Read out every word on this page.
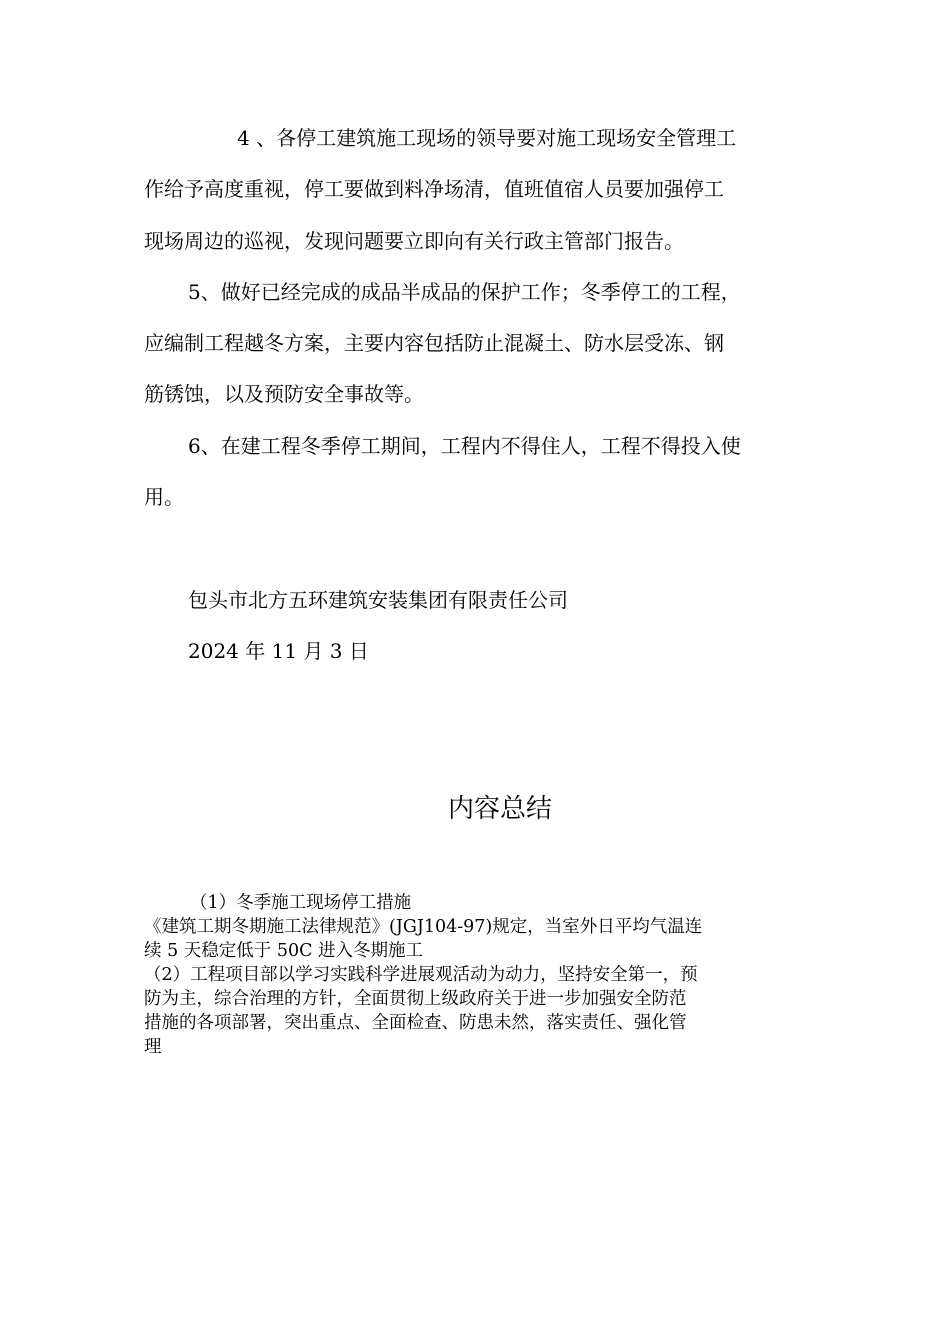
4 、各停工建筑施工现场的领导要对施工现场安全管理工
作给予高度重视，停工要做到料净场清，值班值宿人员要加强停工
现场周边的巡视，发现问题要立即向有关行政主管部门报告。
5、做好已经完成的成品半成品的保护工作；冬季停工的工程，
应编制工程越冬方案，主要内容包括防止混凝土、防水层受冻、钢
筋锈蚀，以及预防安全事故等。
6、在建工程冬季停工期间，工程内不得住人，工程不得投入使
用。
包头市北方五环建筑安装集团有限责任公司
2024 年 11 月 3 日
内容总结
（1）冬季施工现场停工措施
《建筑工期冬期施工法律规范》(JGJ104-97)规定，当室外日平均气温连
续 5 天稳定低于 50C 进入冬期施工
（2）工程项目部以学习实践科学进展观活动为动力，坚持安全第一，预
防为主，综合治理的方针，全面贯彻上级政府关于进一步加强安全防范
措施的各项部署，突出重点、全面检查、防患未然，落实责任、强化管
理
